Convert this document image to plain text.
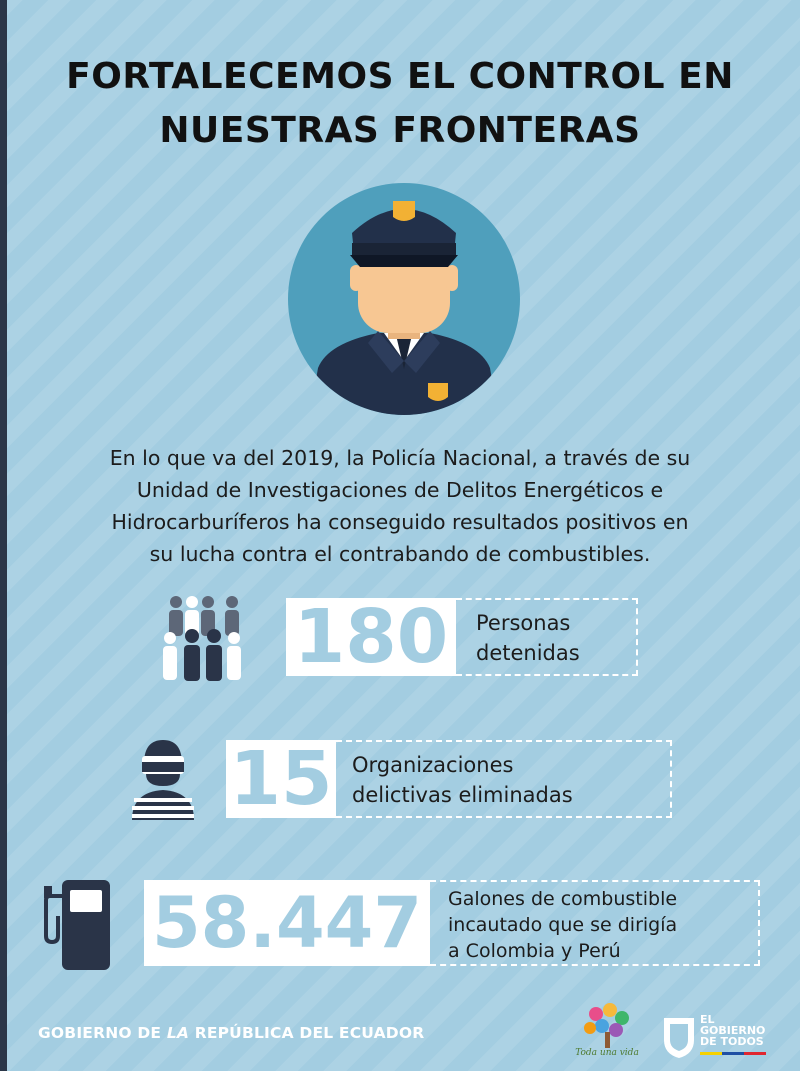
FORTALECEMOS EL CONTROL EN
NUESTRAS FRONTERAS

En lo que va del 2019, la Policía Nacional, a través de su
Unidad de Investigaciones de Delitos Energéticos e
Hidrocarburíferos ha conseguido resultados positivos en
su lucha contra el contrabando de combustibles.

180	Personas
detenidas
15 Organizaciones
delictivas eliminadas
58.447	Galones de combustible
incautado que se dirigía
a Colombia y Perú
GOBIERNO DE LA REPÚBLICA DEL ECUADOR
Toda una vida
EL
GOBIERNO
DE TODOS
